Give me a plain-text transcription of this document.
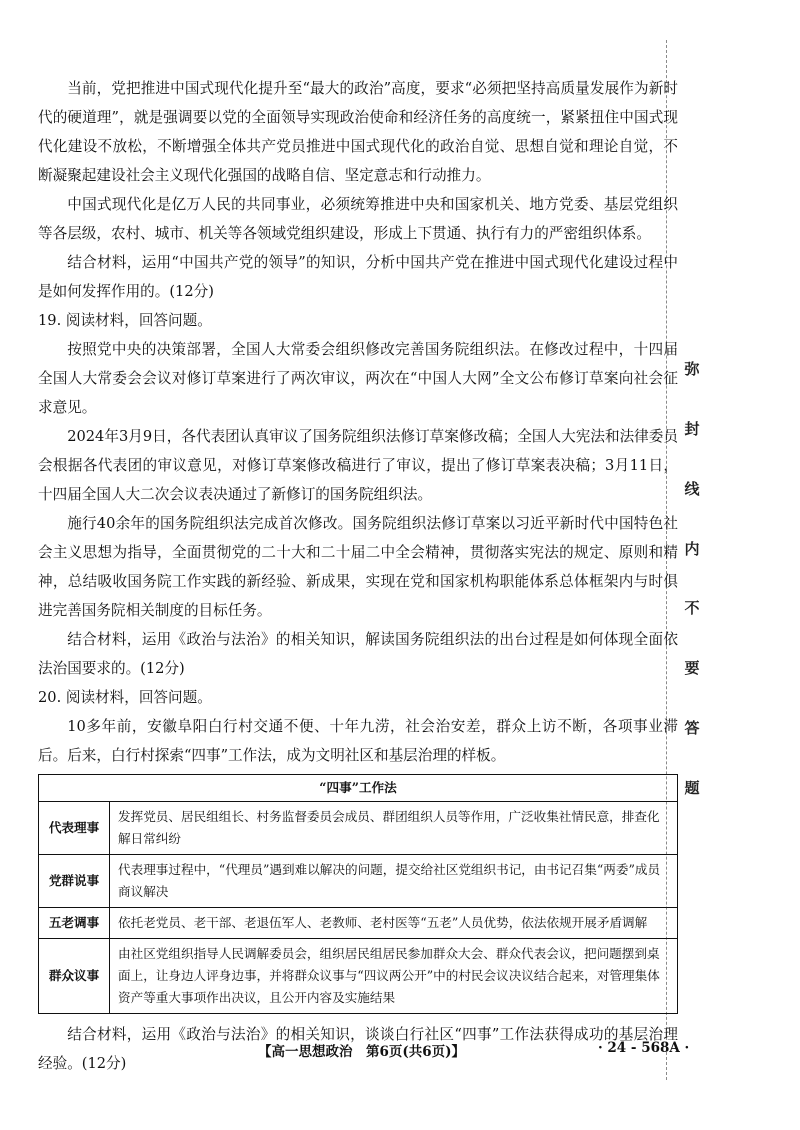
当前，党把推进中国式现代化提升至“最大的政治”高度，要求“必须把坚持高质量发展作为新时代的硬道理”，就是强调要以党的全面领导实现政治使命和经济任务的高度统一，紧紧扭住中国式现代化建设不放松，不断增强全体共产党员推进中国式现代化的政治自觉、思想自觉和理论自觉，不断凝聚起建设社会主义现代化强国的战略自信、坚定意志和行动推力。

中国式现代化是亿万人民的共同事业，必须统筹推进中央和国家机关、地方党委、基层党组织等各层级，农村、城市、机关等各领域党组织建设，形成上下贯通、执行有力的严密组织体系。

结合材料，运用“中国共产党的领导”的知识，分析中国共产党在推进中国式现代化建设过程中是如何发挥作用的。(12分)

19. 阅读材料，回答问题。

按照党中央的决策部署，全国人大常委会组织修改完善国务院组织法。在修改过程中，十四届全国人大常委会会议对修订草案进行了两次审议，两次在“中国人大网”全文公布修订草案向社会征求意见。

2024年3月9日，各代表团认真审议了国务院组织法修订草案修改稿；全国人大宪法和法律委员会根据各代表团的审议意见，对修订草案修改稿进行了审议，提出了修订草案表决稿；3月11日，十四届全国人大二次会议表决通过了新修订的国务院组织法。

施行40余年的国务院组织法完成首次修改。国务院组织法修订草案以习近平新时代中国特色社会主义思想为指导，全面贯彻党的二十大和二十届二中全会精神，贯彻落实宪法的规定、原则和精神，总结吸收国务院工作实践的新经验、新成果，实现在党和国家机构职能体系总体框架内与时俱进完善国务院相关制度的目标任务。

结合材料，运用《政治与法治》的相关知识，解读国务院组织法的出台过程是如何体现全面依法治国要求的。(12分)

20. 阅读材料，回答问题。

10多年前，安徽阜阳白行村交通不便、十年九涝，社会治安差，群众上访不断，各项事业滞后。后来，白行村探索“四事”工作法，成为文明社区和基层治理的样板。

“四事”工作法	
代表理事	发挥党员、居民组组长、村务监督委员会成员、群团组织人员等作用，广泛收集社情民意，排查化解日常纠纷
党群说事	代表理事过程中，“代理员”遇到难以解决的问题，提交给社区党组织书记，由书记召集“两委”成员商议解决
五老调事	依托老党员、老干部、老退伍军人、老教师、老村医等“五老”人员优势，依法依规开展矛盾调解
群众议事	由社区党组织指导人民调解委员会，组织居民组居民参加群众大会、群众代表会议，把问题摆到桌面上，让身边人评身边事，并将群众议事与“四议两公开”中的村民会议决议结合起来，对管理集体资产等重大事项作出决议，且公开内容及实施结果

结合材料，运用《政治与法治》的相关知识，谈谈白行社区“四事”工作法获得成功的基层治理经验。(12分)

弥
封
线
内
不
要
答
题
【高一思想政治　第6页(共6页)】	· 24 - 568A ·
